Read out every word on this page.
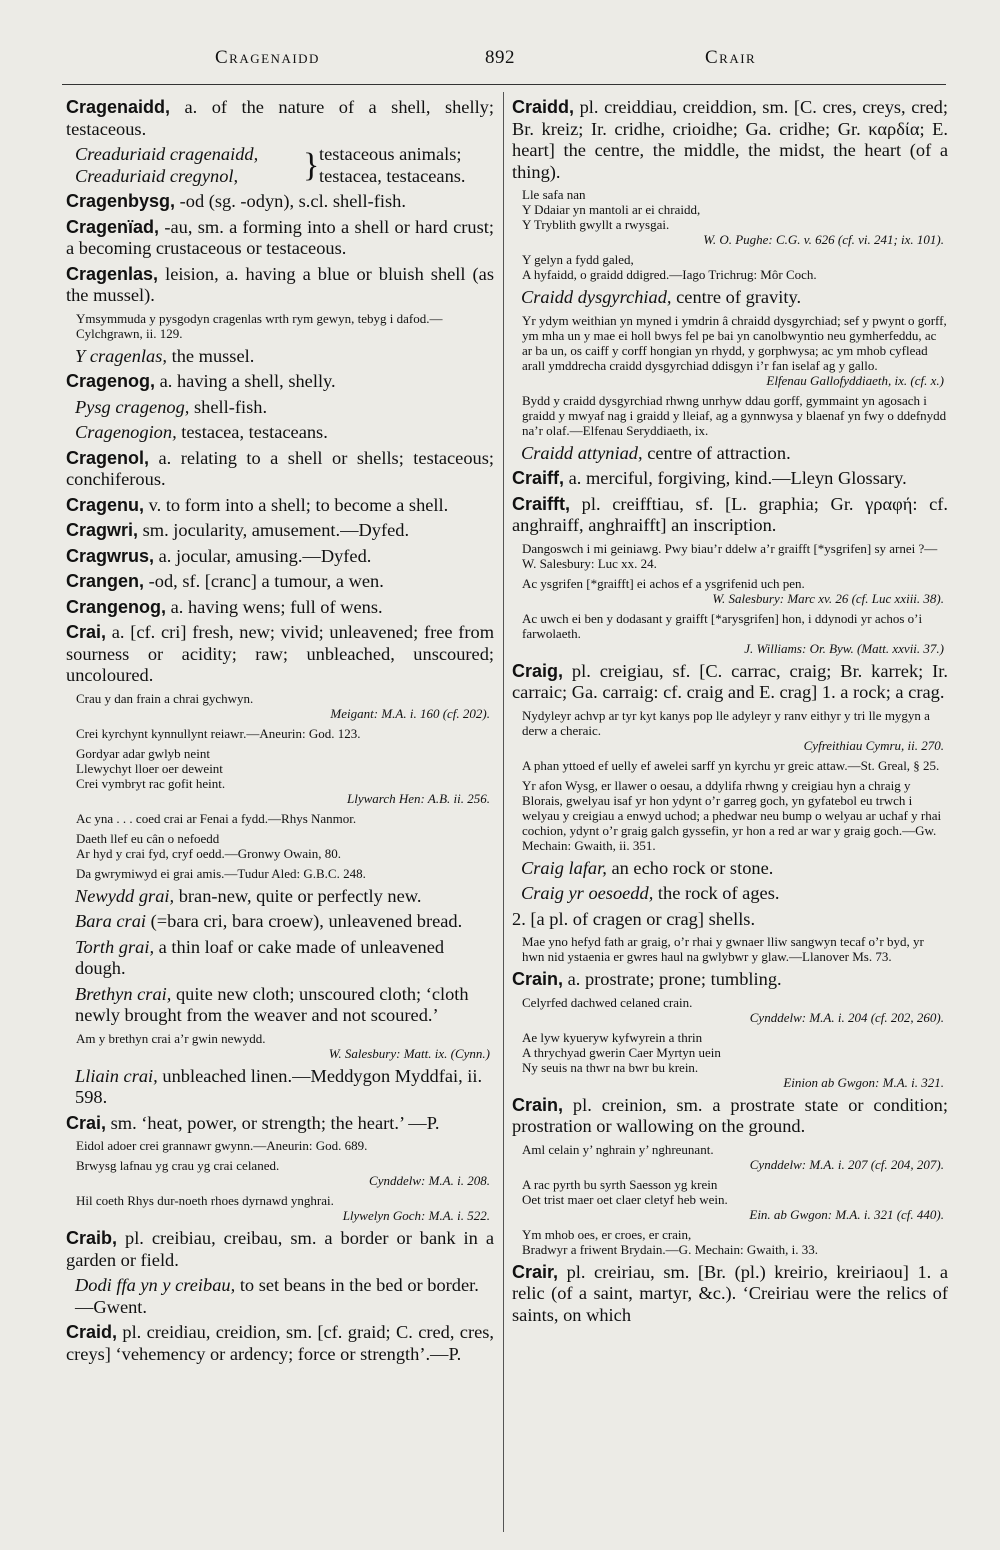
Cragenaidd	892	Crair
Cragenaidd, a. of the nature of a shell, shelly; testaceous.
Creaduriaid cragenaidd,
Creaduriaid cregynol,	} testaceous animals;
testacea, testaceans.
Cragenbysg, -od (sg. -odyn), s.cl. shell-fish.
Cragenïad, -au, sm. a forming into a shell or hard crust; a becoming crustaceous or testaceous.
Cragenlas, leision, a. having a blue or bluish shell (as the mussel).
Ymsymmuda y pysgodyn cragenlas wrth rym gewyn, tebyg i dafod.—Cylchgrawn, ii. 129.
Y cragenlas, the mussel.
Cragenog, a. having a shell, shelly.
Pysg cragenog, shell-fish.
Cragenogion, testacea, testaceans.
Cragenol, a. relating to a shell or shells; testaceous; conchiferous.
Cragenu, v. to form into a shell; to become a shell.
Cragwri, sm. jocularity, amusement.—Dyfed.
Cragwrus, a. jocular, amusing.—Dyfed.
Crangen, -od, sf. [cranc] a tumour, a wen.
Crangenog, a. having wens; full of wens.
Crai, a. [cf. cri] fresh, new; vivid; unleavened; free from sourness or acidity; raw; unbleached, unscoured; uncoloured.
Crau y dan frain a chrai gychwyn.
Meigant: M.A. i. 160 (cf. 202).
Crei kyrchynt kynnullynt reiawr.—Aneurin: God. 123.
Gordyar adar gwlyb neint
Llewychyt lloer oer deweint
Crei vymbryt rac gofit heint.
Llywarch Hen: A.B. ii. 256.
Ac yna . . . coed crai ar Fenai a fydd.—Rhys Nanmor.
Daeth llef eu cân o nefoedd
Ar hyd y crai fyd, cryf oedd.—Gronwy Owain, 80.
Da gwrymiwyd ei grai amis.—Tudur Aled: G.B.C. 248.
Newydd grai, bran-new, quite or perfectly new.
Bara crai (=bara cri, bara croew), unleavened bread.
Torth grai, a thin loaf or cake made of unleavened dough.
Brethyn crai, quite new cloth; unscoured cloth; ‘cloth newly brought from the weaver and not scoured.’
Am y brethyn crai a’r gwin newydd.
W. Salesbury: Matt. ix. (Cynn.)
Lliain crai, unbleached linen.—Meddygon Myddfai, ii. 598.
Crai, sm. ‘heat, power, or strength; the heart.’ —P.
Eidol adoer crei grannawr gwynn.—Aneurin: God. 689.
Brwysg lafnau yg crau yg crai celaned.
Cynddelw: M.A. i. 208.
Hil coeth Rhys dur-noeth rhoes dyrnawd ynghrai.
Llywelyn Goch: M.A. i. 522.
Craib, pl. creibiau, creibau, sm. a border or bank in a garden or field.
Dodi ffa yn y creibau, to set beans in the bed or border.—Gwent.
Craid, pl. creidiau, creidion, sm. [cf. graid; C. cred, cres, creys] ‘vehemency or ardency; force or strength’.—P.
Craidd, pl. creiddiau, creiddion, sm. [C. cres, creys, cred; Br. kreiz; Ir. cridhe, crioidhe; Ga. cridhe; Gr. καρδία; E. heart] the centre, the middle, the midst, the heart (of a thing).
Lle safa nan
Y Ddaiar yn mantoli ar ei chraidd,
Y Tryblith gwyllt a rwysgai.
W. O. Pughe: C.G. v. 626 (cf. vi. 241; ix. 101).
Y gelyn a fydd galed,
A hyfaidd, o graidd ddigred.—Iago Trichrug: Môr Coch.
Craidd dysgyrchiad, centre of gravity.
Yr ydym weithian yn myned i ymdrin â chraidd dysgyrchiad; sef y pwynt o gorff, ym mha un y mae ei holl bwys fel pe bai yn canolbwyntio neu gymherfeddu, ac ar ba un, os caiff y corff hongian yn rhydd, y gorphwysa; ac ym mhob cyflead arall ymddrecha craidd dysgyrchiad ddisgyn i’r fan iselaf ag y gallo.
Elfenau Gallofyddiaeth, ix. (cf. x.)
Bydd y craidd dysgyrchiad rhwng unrhyw ddau gorff, gymmaint yn agosach i graidd y mwyaf nag i graidd y lleiaf, ag a gynnwysa y blaenaf yn fwy o ddefnydd na’r olaf.—Elfenau Seryddiaeth, ix.
Craidd attyniad, centre of attraction.
Craiff, a. merciful, forgiving, kind.—Lleyn Glossary.
Craifft, pl. creifftiau, sf. [L. graphia; Gr. γραφή: cf. anghraiff, anghraifft] an inscription.
Dangoswch i mi geiniawg. Pwy biau’r ddelw a’r graifft [*ysgrifen] sy arnei ?—W. Salesbury: Luc xx. 24.
Ac ysgrifen [*graifft] ei achos ef a ysgrifenid uch pen.
W. Salesbury: Marc xv. 26 (cf. Luc xxiii. 38).
Ac uwch ei ben y dodasant y graifft [*arysgrifen] hon, i ddynodi yr achos o’i farwolaeth.
J. Williams: Or. Byw. (Matt. xxvii. 37.)
Craig, pl. creigiau, sf. [C. carrac, craig; Br. karrek; Ir. carraic; Ga. carraig: cf. craig and E. crag] 1. a rock; a crag.
Nydyleyr achvp ar tyr kyt kanys pop lle adyleyr y ranv eithyr y tri lle mygyn a derw a cheraic.
Cyfreithiau Cymru, ii. 270.
A phan yttoed ef uelly ef awelei sarff yn kyrchu yr greic attaw.—St. Greal, § 25.
Yr afon Wysg, er llawer o oesau, a ddylifa rhwng y creigiau hyn a chraig y Blorais, gwelyau isaf yr hon ydynt o’r garreg goch, yn gyfatebol eu trwch i welyau y creigiau a enwyd uchod; a phedwar neu bump o welyau ar uchaf y rhai cochion, ydynt o’r graig galch gyssefin, yr hon a red ar war y graig goch.—Gw. Mechain: Gwaith, ii. 351.
Craig lafar, an echo rock or stone.
Craig yr oesoedd, the rock of ages.
2. [a pl. of cragen or crag] shells.
Mae yno hefyd fath ar graig, o’r rhai y gwnaer lliw sangwyn tecaf o’r byd, yr hwn nid ystaenia er gwres haul na gwlybwr y glaw.—Llanover Ms. 73.
Crain, a. prostrate; prone; tumbling.
Celyrfed dachwed celaned crain.
Cynddelw: M.A. i. 204 (cf. 202, 260).
Ae lyw kyueryw kyfwyrein a thrin
A thrychyad gwerin Caer Myrtyn uein
Ny seuis na thwr na bwr bu krein.
Einion ab Gwgon: M.A. i. 321.
Crain, pl. creinion, sm. a prostrate state or condition; prostration or wallowing on the ground.
Aml celain y’ nghrain y’ nghreunant.
Cynddelw: M.A. i. 207 (cf. 204, 207).
A rac pyrth bu syrth Saesson yg krein
Oet trist maer oet claer cletyf heb wein.
Ein. ab Gwgon: M.A. i. 321 (cf. 440).
Ym mhob oes, er croes, er crain,
Bradwyr a friwent Brydain.—G. Mechain: Gwaith, i. 33.
Crair, pl. creiriau, sm. [Br. (pl.) kreirio, kreiriaou] 1. a relic (of a saint, martyr, &c.). ‘Creiriau were the relics of saints, on which
